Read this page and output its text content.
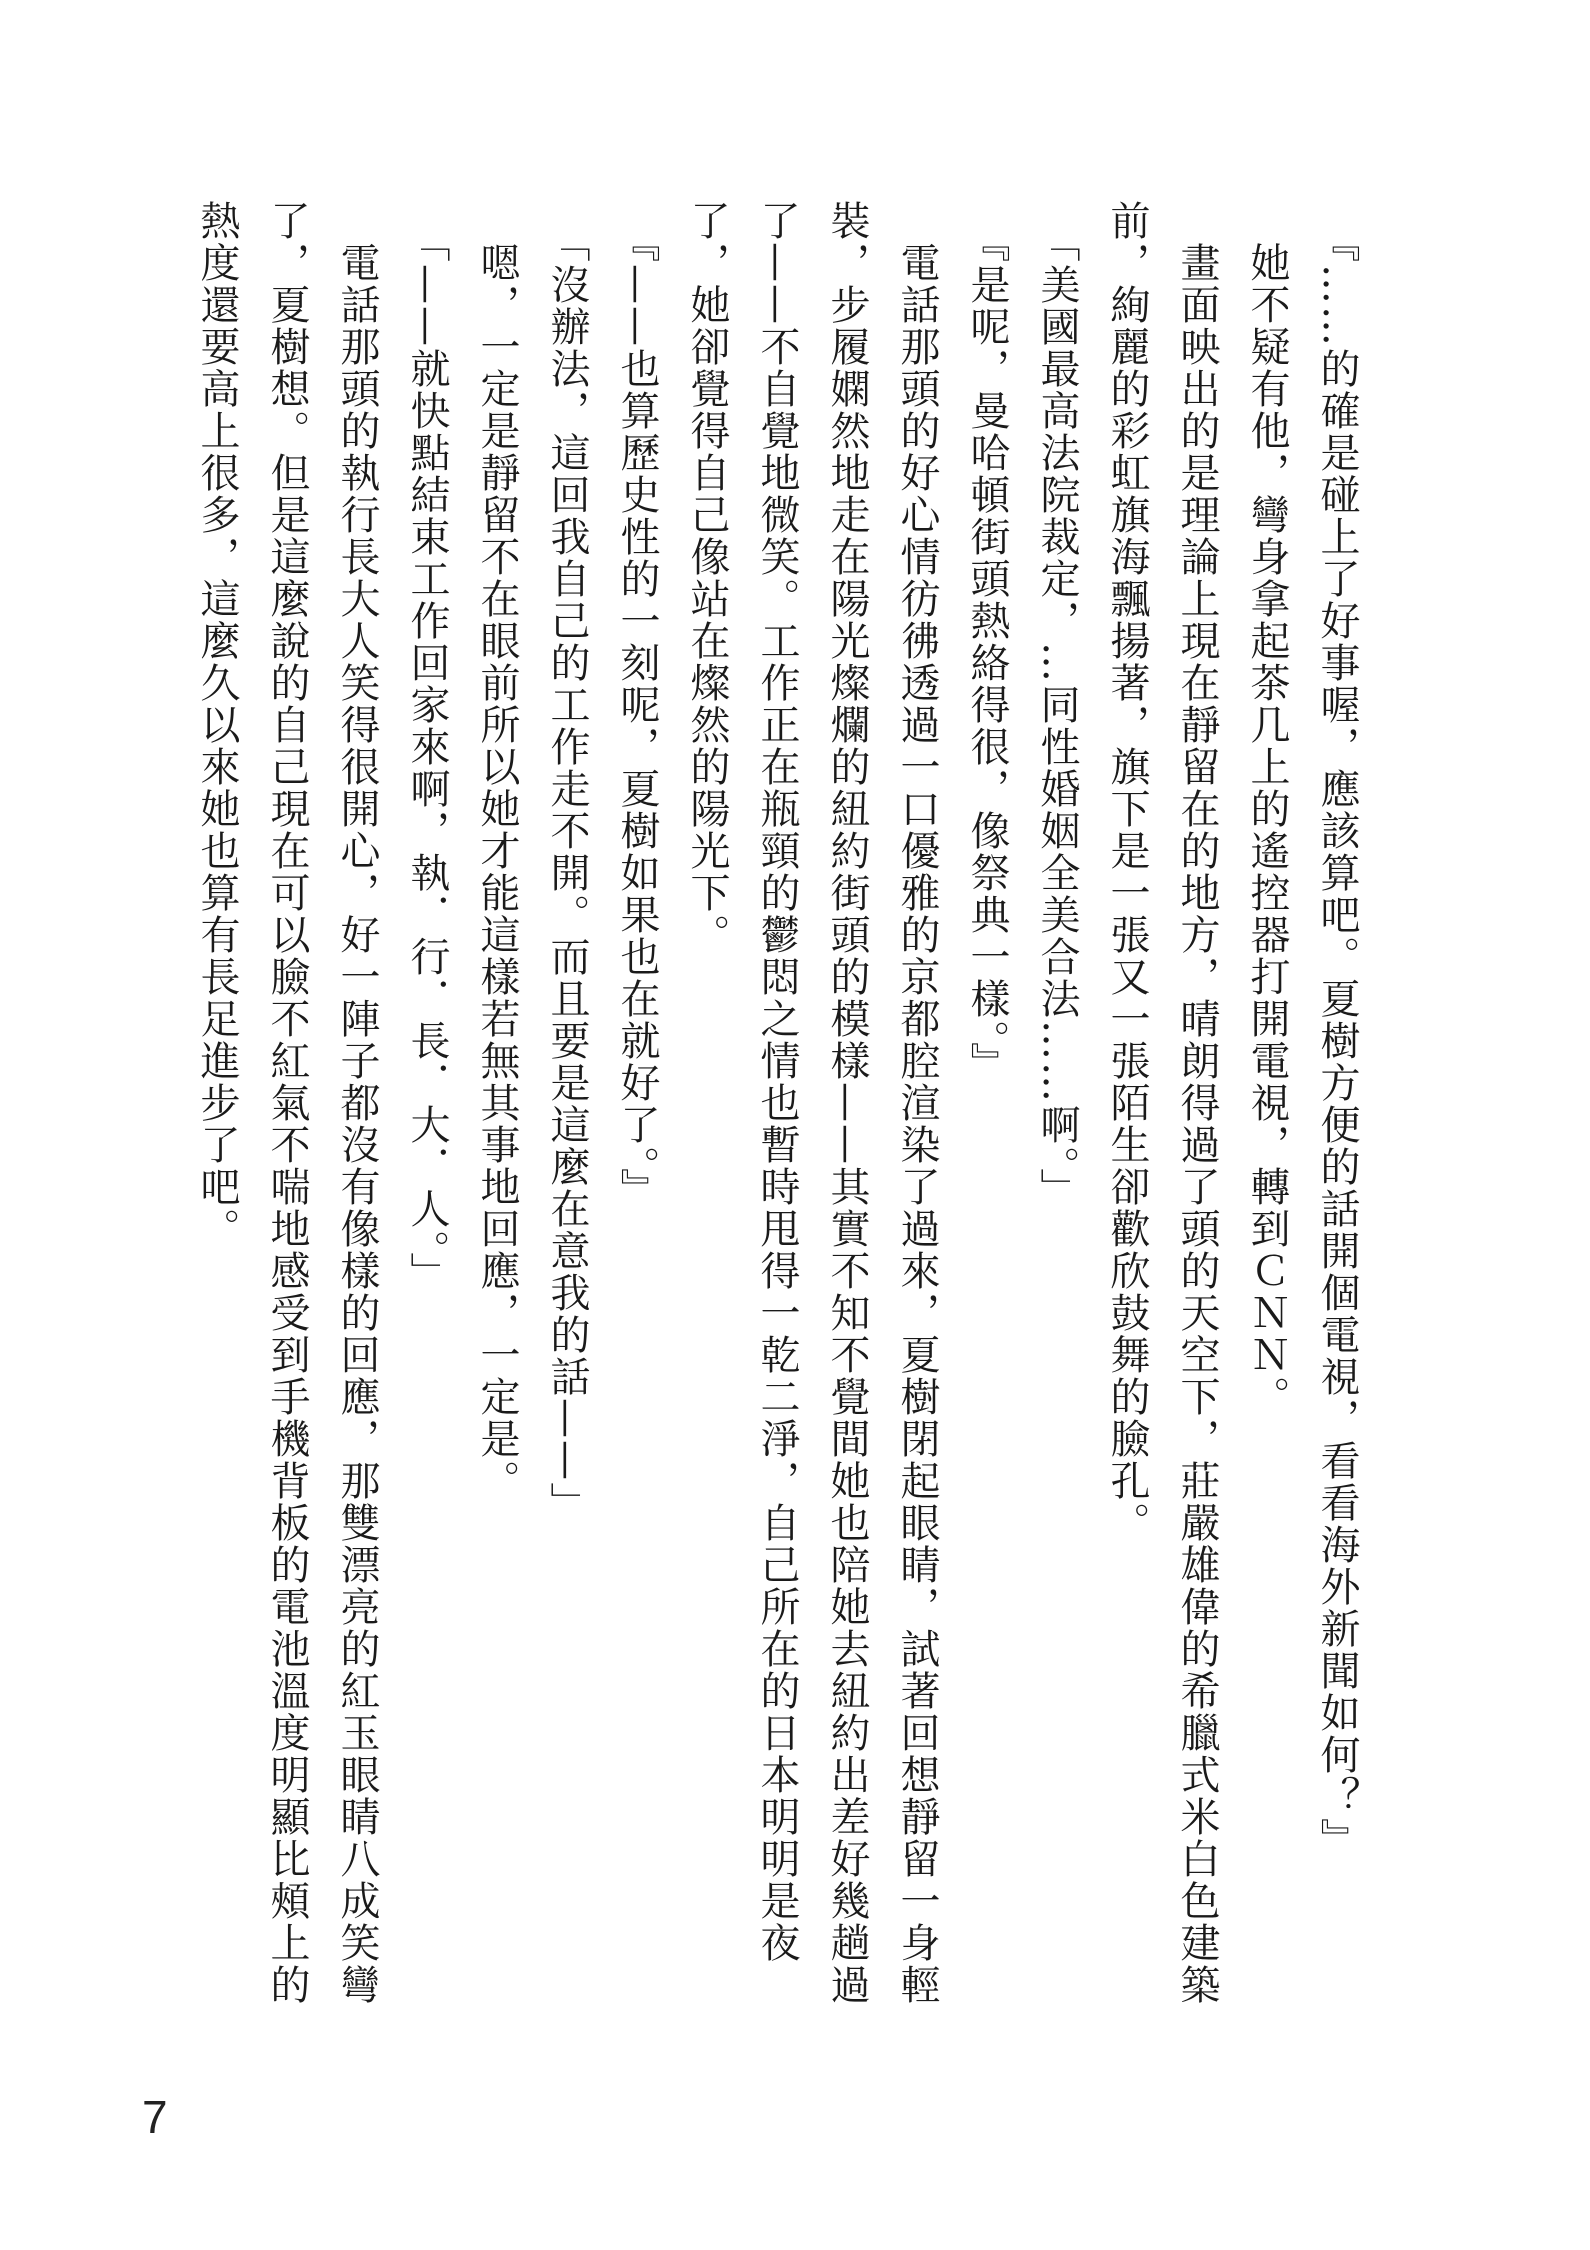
　『……的確是碰上了好事喔，應該算吧。夏樹方便的話開個電視，看看海外新聞如何？』

　她不疑有他，彎身拿起茶几上的遙控器打開電視，轉到ＣＮＮ。

　畫面映出的是理論上現在靜留在的地方，晴朗得過了頭的天空下，莊嚴雄偉的希臘式米白色建築前，絢麗的彩虹旗海飄揚著，旗下是一張又一張陌生卻歡欣鼓舞的臉孔。

　「美國最高法院裁定，…同性婚姻全美合法……啊。」

　『是呢，曼哈頓街頭熱絡得很，像祭典一樣。』

　電話那頭的好心情彷彿透過一口優雅的京都腔渲染了過來，夏樹閉起眼睛，試著回想靜留一身輕裝，步履嫻然地走在陽光燦爛的紐約街頭的模樣——其實不知不覺間她也陪她去紐約出差好幾趟過了——不自覺地微笑。工作正在瓶頸的鬱悶之情也暫時甩得一乾二淨，自己所在的日本明明是夜了，她卻覺得自己像站在燦然的陽光下。

　『——也算歷史性的一刻呢，夏樹如果也在就好了。』

　「沒辦法，這回我自己的工作走不開。而且要是這麼在意我的話——」

　嗯，一定是靜留不在眼前所以她才能這樣若無其事地回應，一定是。

　「——就快點結束工作回家來啊，執．行．長．大．人。」

　電話那頭的執行長大人笑得很開心，好一陣子都沒有像樣的回應，那雙漂亮的紅玉眼睛八成笑彎了，夏樹想。但是這麼說的自己現在可以臉不紅氣不喘地感受到手機背板的電池溫度明顯比頰上的熱度還要高上很多，這麼久以來她也算有長足進步了吧。

7
